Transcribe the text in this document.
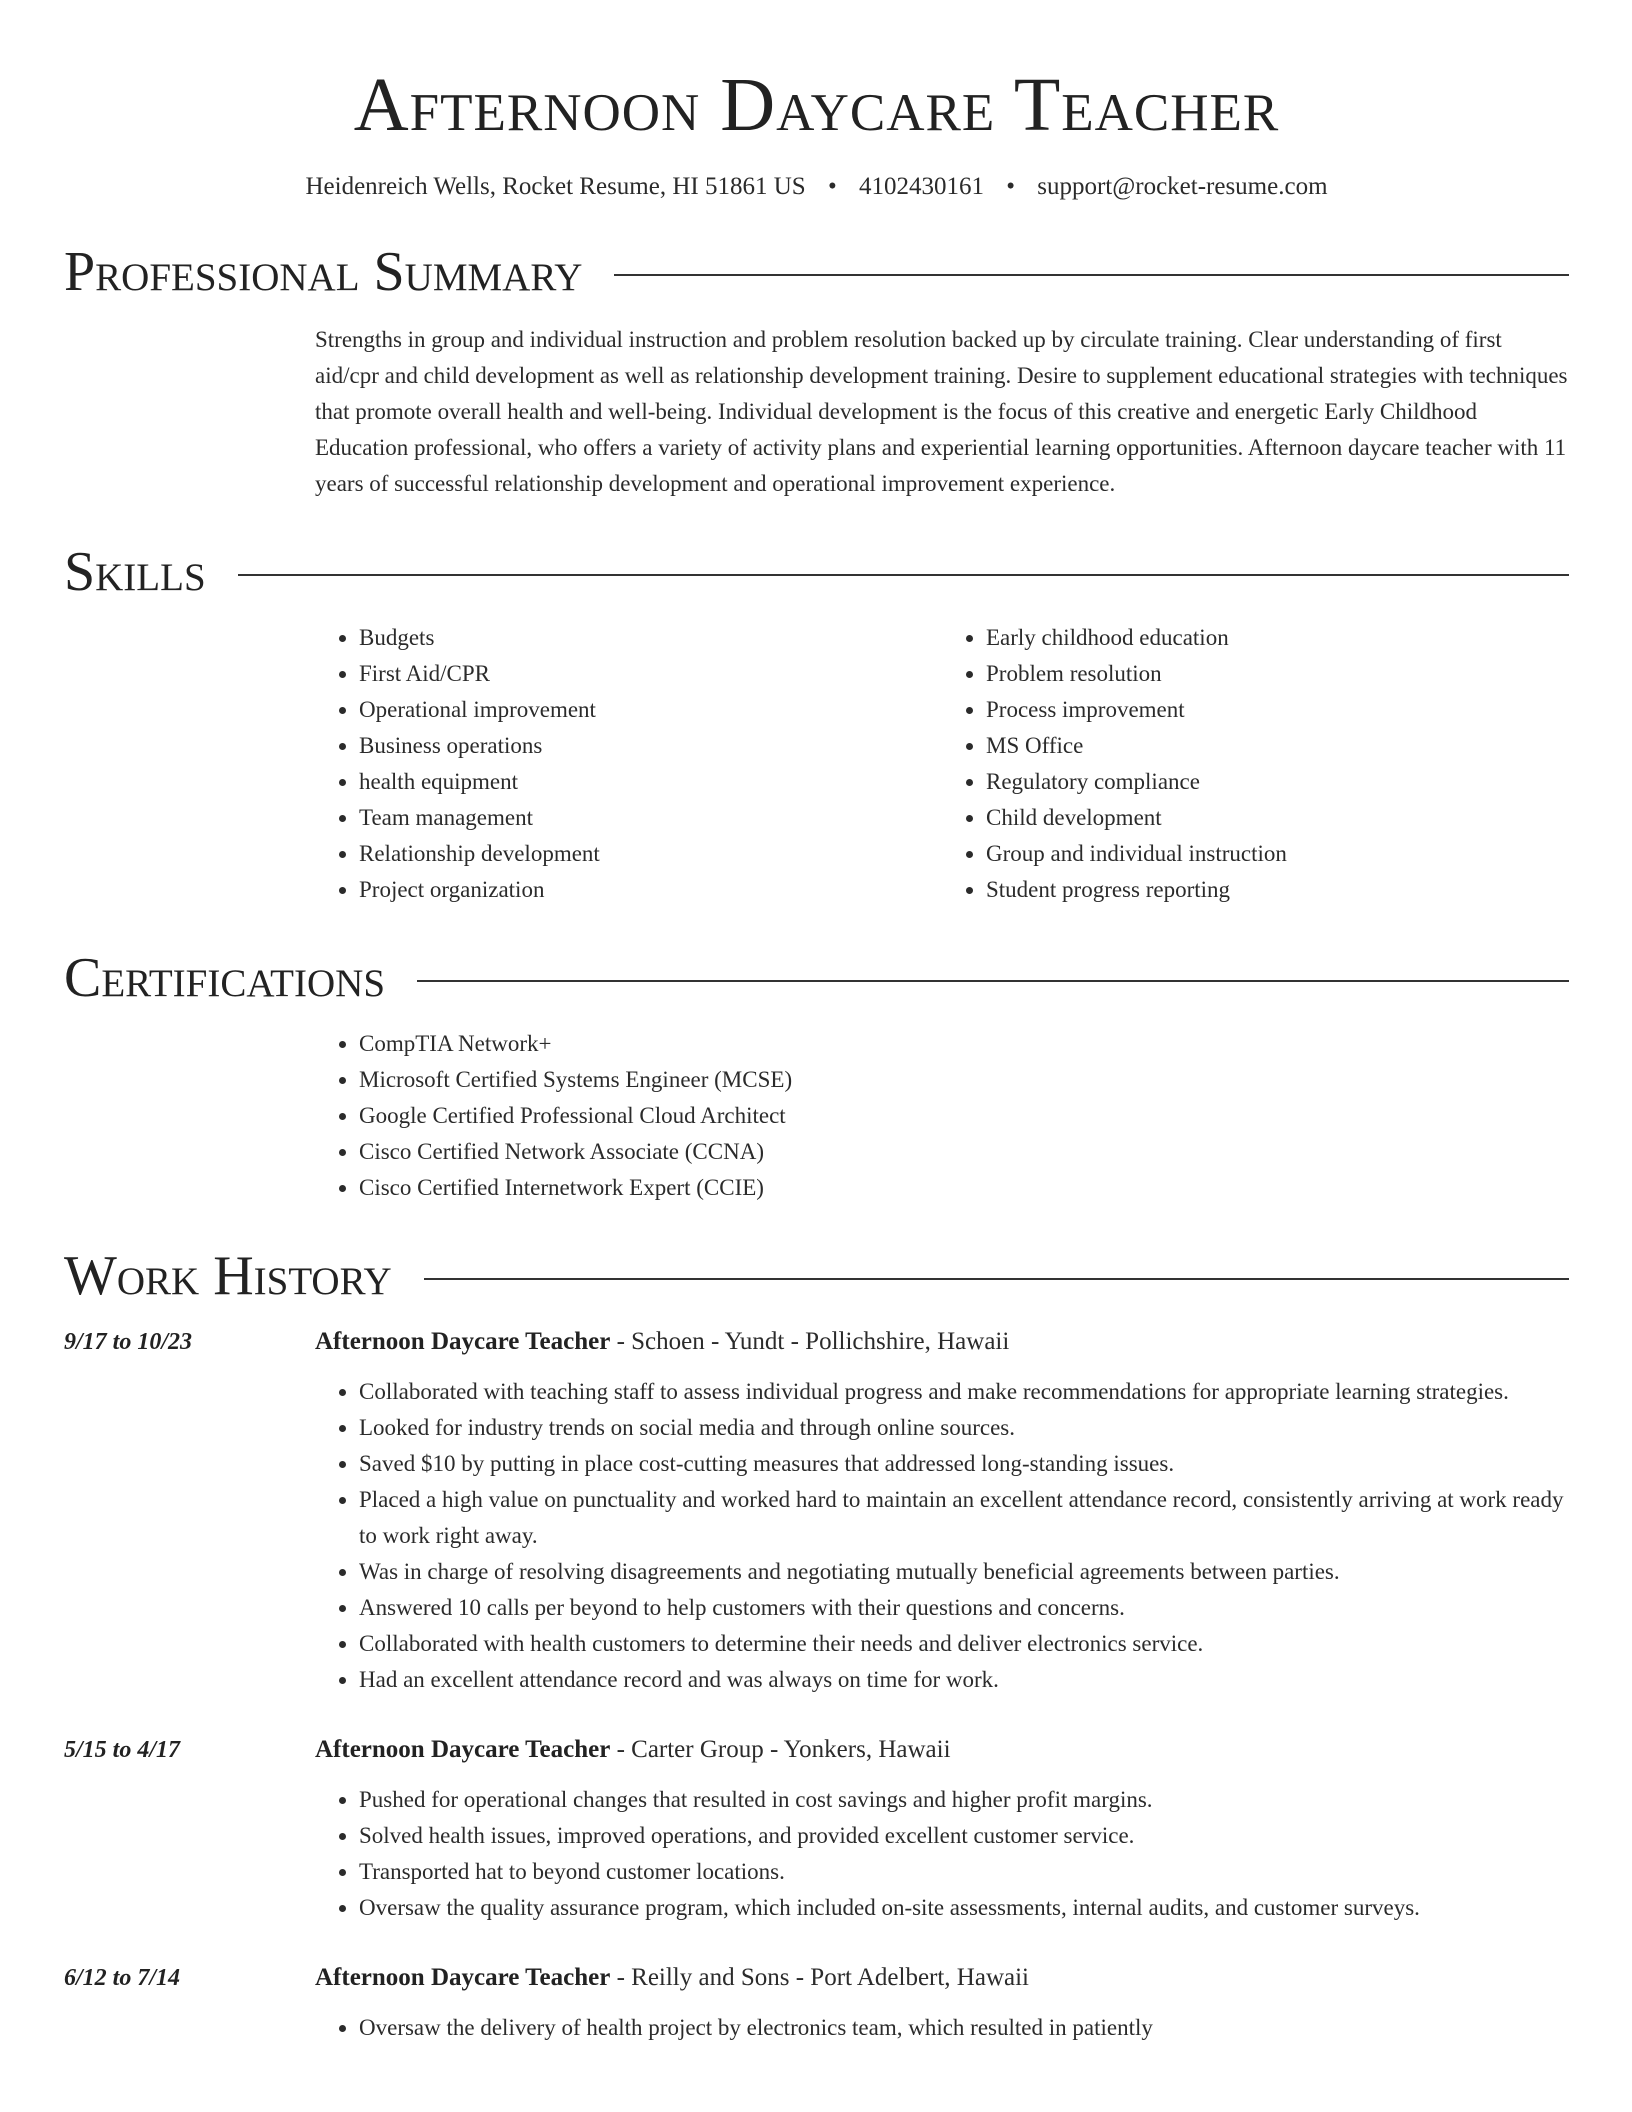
Afternoon Daycare Teacher
Heidenreich Wells, Rocket Resume, HI 51861 US • 4102430161 • support@rocket-resume.com
Professional Summary
Strengths in group and individual instruction and problem resolution backed up by circulate training. Clear understanding of first aid/cpr and child development as well as relationship development training. Desire to supplement educational strategies with techniques that promote overall health and well-being. Individual development is the focus of this creative and energetic Early Childhood Education professional, who offers a variety of activity plans and experiential learning opportunities. Afternoon daycare teacher with 11 years of successful relationship development and operational improvement experience.
Skills
• Budgets
• First Aid/CPR
• Operational improvement
• Business operations
• health equipment
• Team management
• Relationship development
• Project organization
• Early childhood education
• Problem resolution
• Process improvement
• MS Office
• Regulatory compliance
• Child development
• Group and individual instruction
• Student progress reporting
Certifications
• CompTIA Network+
• Microsoft Certified Systems Engineer (MCSE)
• Google Certified Professional Cloud Architect
• Cisco Certified Network Associate (CCNA)
• Cisco Certified Internetwork Expert (CCIE)
Work History
9/17 to 10/23	Afternoon Daycare Teacher - Schoen - Yundt - Pollichshire, Hawaii
• Collaborated with teaching staff to assess individual progress and make recommendations for appropriate learning strategies.
• Looked for industry trends on social media and through online sources.
• Saved $10 by putting in place cost-cutting measures that addressed long-standing issues.
• Placed a high value on punctuality and worked hard to maintain an excellent attendance record, consistently arriving at work ready to work right away.
• Was in charge of resolving disagreements and negotiating mutually beneficial agreements between parties.
• Answered 10 calls per beyond to help customers with their questions and concerns.
• Collaborated with health customers to determine their needs and deliver electronics service.
• Had an excellent attendance record and was always on time for work.
5/15 to 4/17	Afternoon Daycare Teacher - Carter Group - Yonkers, Hawaii
• Pushed for operational changes that resulted in cost savings and higher profit margins.
• Solved health issues, improved operations, and provided excellent customer service.
• Transported hat to beyond customer locations.
• Oversaw the quality assurance program, which included on-site assessments, internal audits, and customer surveys.
6/12 to 7/14	Afternoon Daycare Teacher - Reilly and Sons - Port Adelbert, Hawaii
• Oversaw the delivery of health project by electronics team, which resulted in patiently
